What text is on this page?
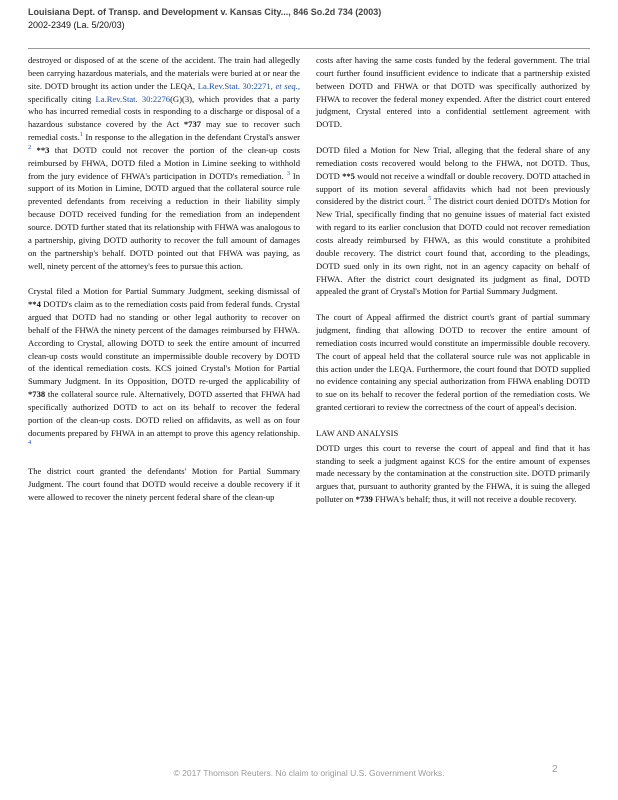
Louisiana Dept. of Transp. and Development v. Kansas City..., 846 So.2d 734 (2003)
2002-2349 (La. 5/20/03)

destroyed or disposed of at the scene of the accident. The train had allegedly been carrying hazardous materials, and the materials were buried at or near the site. DOTD brought its action under the LEQA, La.Rev.Stat. 30:2271, et seq., specifically citing La.Rev.Stat. 30:2276(G)(3), which provides that a party who has incurred remedial costs in responding to a discharge or disposal of a hazardous substance covered by the Act *737 may sue to recover such remedial costs.$^1$ In response to the allegation in the defendant Crystal's answer $^2$ **3 that DOTD could not recover the portion of the clean-up costs reimbursed by FHWA, DOTD filed a Motion in Limine seeking to withhold from the jury evidence of FHWA's participation in DOTD's remediation. $^3$ In support of its Motion in Limine, DOTD argued that the collateral source rule prevented defendants from receiving a reduction in their liability simply because DOTD received funding for the remediation from an independent source. DOTD further stated that its relationship with FHWA was analogous to a partnership, giving DOTD authority to recover the full amount of damages on the partnership's behalf. DOTD pointed out that FHWA was paying, as well, ninety percent of the attorney's fees to pursue this action.

Crystal filed a Motion for Partial Summary Judgment, seeking dismissal of **4 DOTD's claim as to the remediation costs paid from federal funds. Crystal argued that DOTD had no standing or other legal authority to recover on behalf of the FHWA the ninety percent of the damages reimbursed by FHWA. According to Crystal, allowing DOTD to seek the entire amount of incurred clean-up costs would constitute an impermissible double recovery by DOTD of the identical remediation costs. KCS joined Crystal's Motion for Partial Summary Judgment. In its Opposition, DOTD re-urged the applicability of *738 the collateral source rule. Alternatively, DOTD asserted that FHWA had specifically authorized DOTD to act on its behalf to recover the federal portion of the clean-up costs. DOTD relied on affidavits, as well as on four documents prepared by FHWA in an attempt to prove this agency relationship. $^4$

The district court granted the defendants' Motion for Partial Summary Judgment. The court found that DOTD would receive a double recovery if it were allowed to recover the ninety percent federal share of the clean-up

costs after having the same costs funded by the federal government. The trial court further found insufficient evidence to indicate that a partnership existed between DOTD and FHWA or that DOTD was specifically authorized by FHWA to recover the federal money expended. After the district court entered judgment, Crystal entered into a confidential settlement agreement with DOTD.

DOTD filed a Motion for New Trial, alleging that the federal share of any remediation costs recovered would belong to the FHWA, not DOTD. Thus, DOTD **5 would not receive a windfall or double recovery. DOTD attached in support of its motion several affidavits which had not been previously considered by the district court. $^5$ The district court denied DOTD's Motion for New Trial, specifically finding that no genuine issues of material fact existed with regard to its earlier conclusion that DOTD could not recover remediation costs already reimbursed by FHWA, as this would constitute a prohibited double recovery. The district court found that, according to the pleadings, DOTD sued only in its own right, not in an agency capacity on behalf of FHWA. After the district court designated its judgment as final, DOTD appealed the grant of Crystal's Motion for Partial Summary Judgment.

The court of Appeal affirmed the district court's grant of partial summary judgment, finding that allowing DOTD to recover the entire amount of remediation costs incurred would constitute an impermissible double recovery. The court of appeal held that the collateral source rule was not applicable in this action under the LEQA. Furthermore, the court found that DOTD supplied no evidence containing any special authorization from FHWA enabling DOTD to sue on its behalf to recover the federal portion of the remediation costs. We granted certiorari to review the correctness of the court of appeal's decision.

LAW AND ANALYSIS

DOTD urges this court to reverse the court of appeal and find that it has standing to seek a judgment against KCS for the entire amount of expenses made necessary by the contamination at the construction site. DOTD primarily argues that, pursuant to authority granted by the FHWA, it is suing the alleged polluter on *739 FHWA's behalf; thus, it will not receive a double recovery.

© 2017 Thomson Reuters. No claim to original U.S. Government Works.	2
